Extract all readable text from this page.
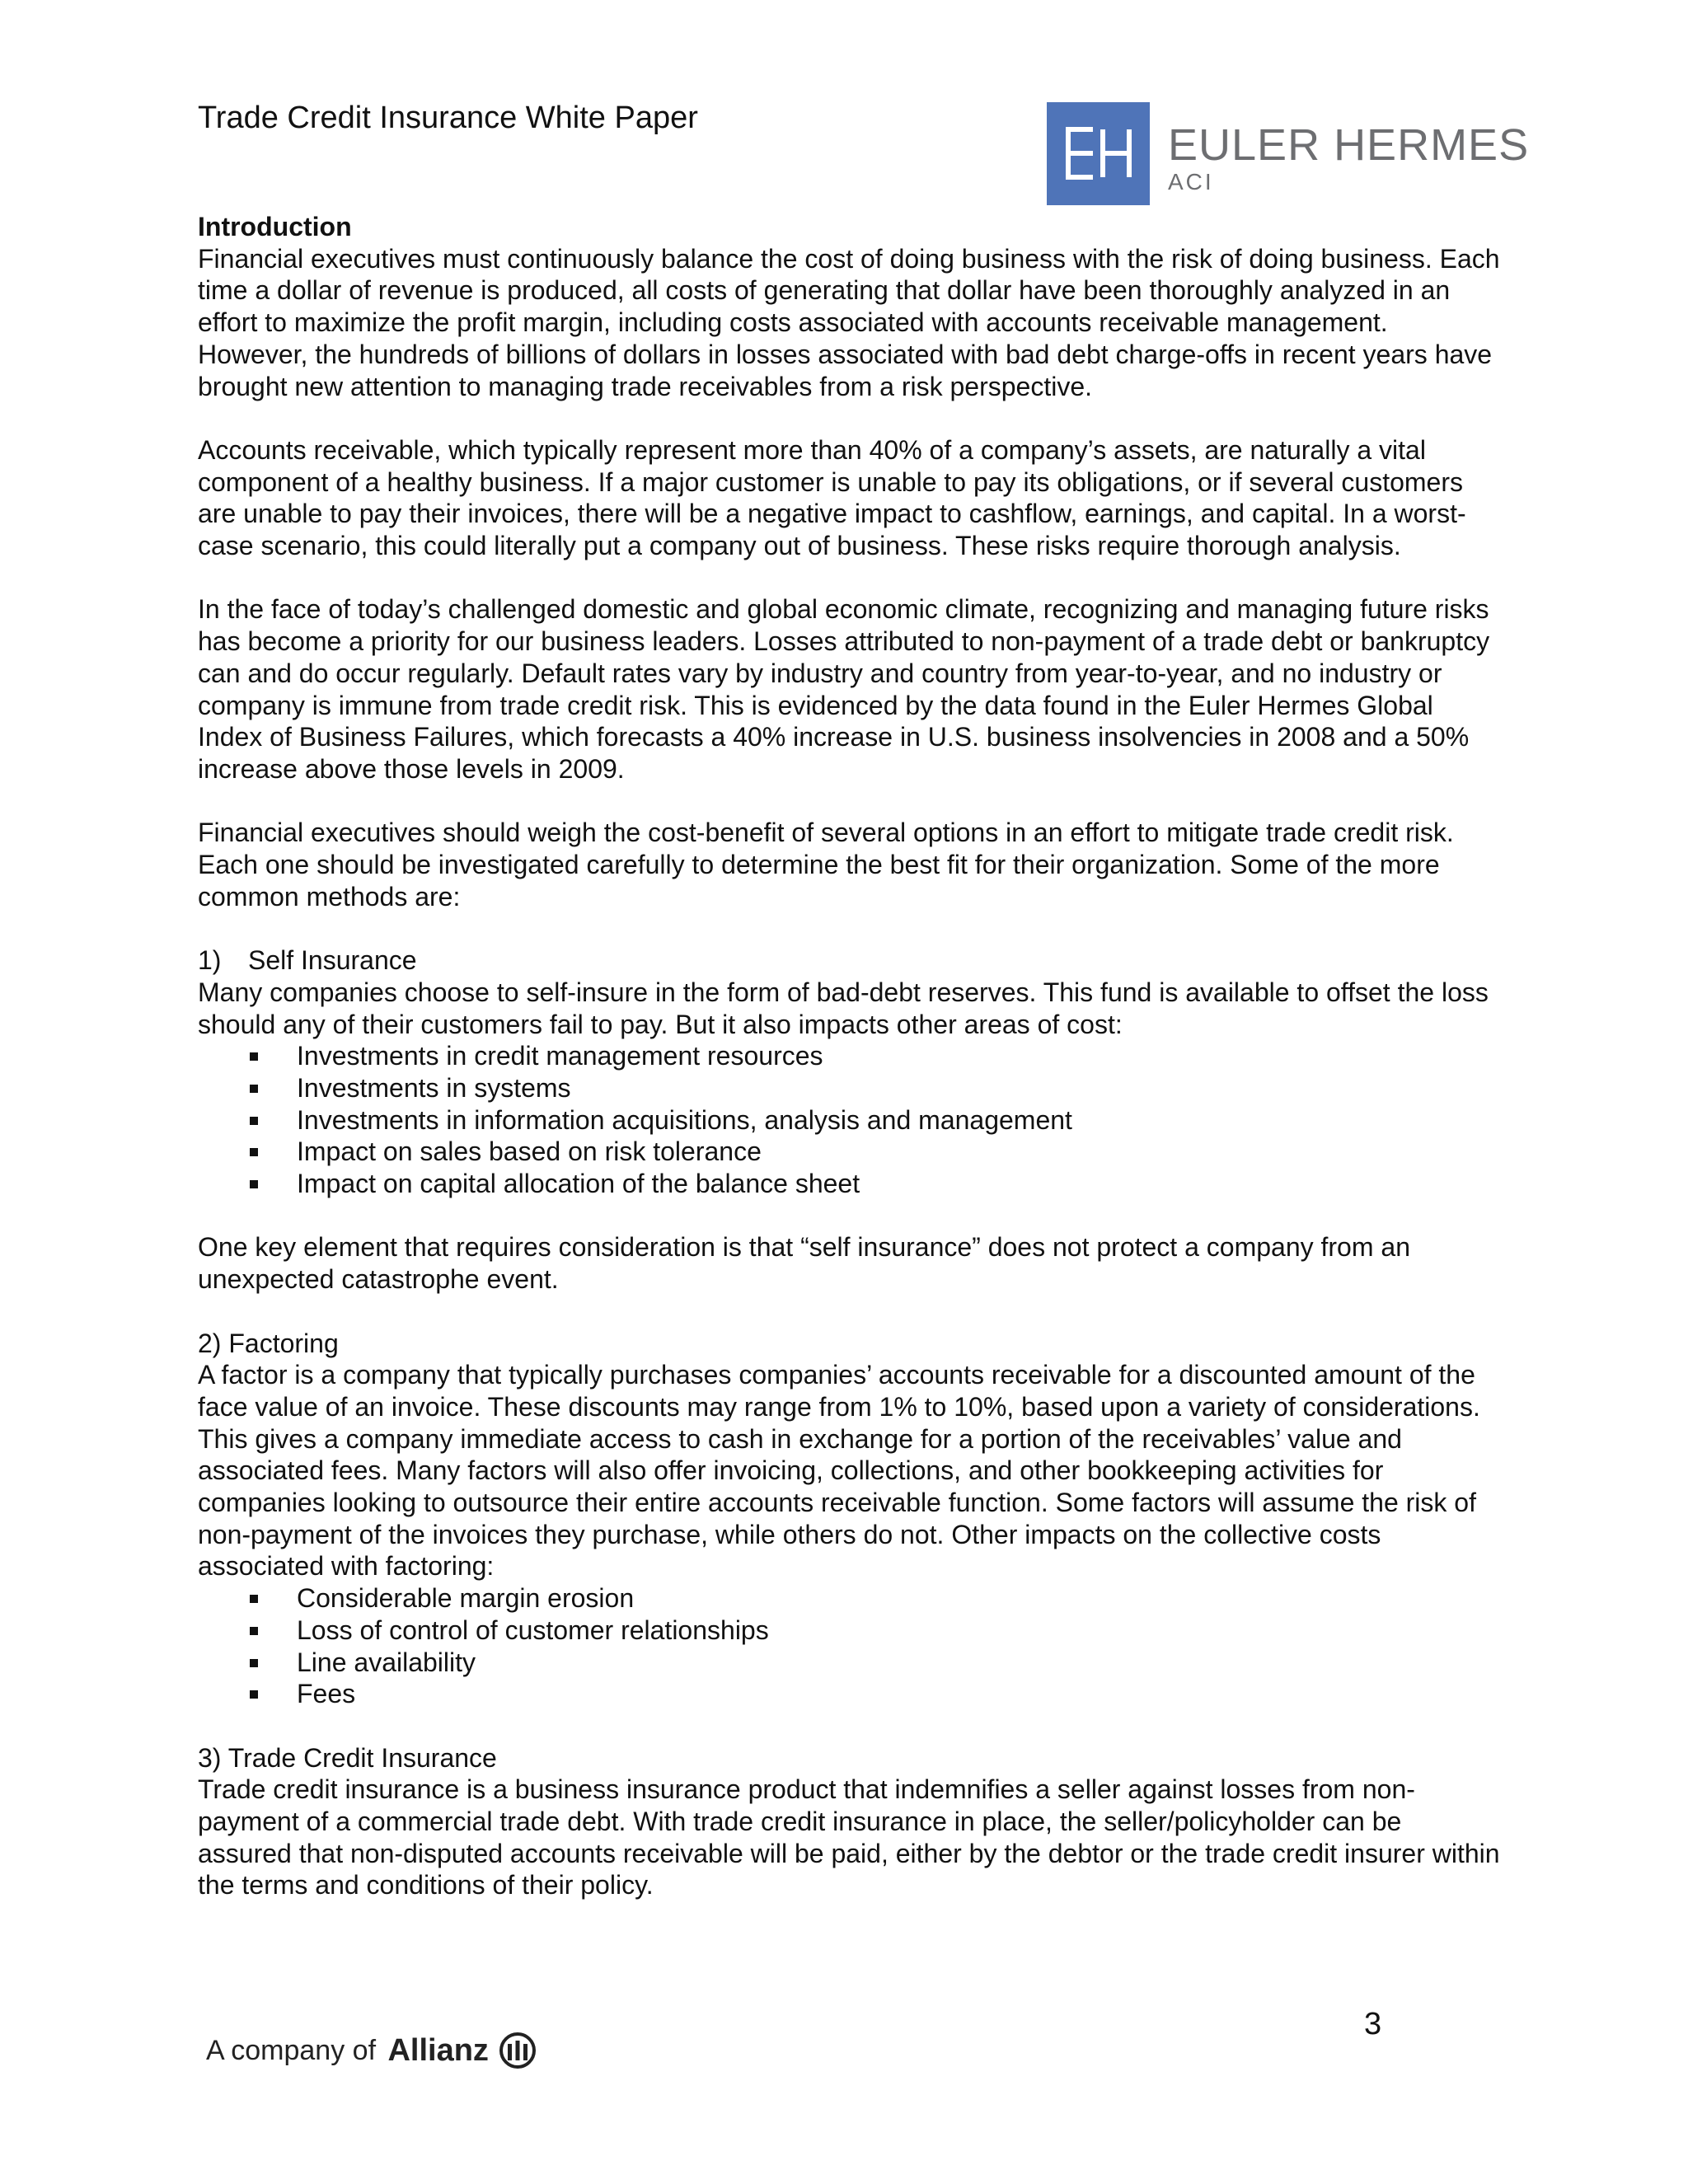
Trade Credit Insurance White Paper
EULER HERMES
ACI
Introduction

Financial executives must continuously balance the cost of doing business with the risk of doing business. Each time a dollar of revenue is produced, all costs of generating that dollar have been thoroughly analyzed in an effort to maximize the profit margin, including costs associated with accounts receivable management. However, the hundreds of billions of dollars in losses associated with bad debt charge-offs in recent years have brought new attention to managing trade receivables from a risk perspective.

Accounts receivable, which typically represent more than 40% of a company’s assets, are naturally a vital component of a healthy business. If a major customer is unable to pay its obligations, or if several customers are unable to pay their invoices, there will be a negative impact to cashflow, earnings, and capital. In a worst-case scenario, this could literally put a company out of business. These risks require thorough analysis.

In the face of today’s challenged domestic and global economic climate, recognizing and managing future risks has become a priority for our business leaders. Losses attributed to non-payment of a trade debt or bankruptcy can and do occur regularly. Default rates vary by industry and country from year-to-year, and no industry or company is immune from trade credit risk. This is evidenced by the data found in the Euler Hermes Global Index of Business Failures, which forecasts a 40% increase in U.S. business insolvencies in 2008 and a 50% increase above those levels in 2009.

Financial executives should weigh the cost-benefit of several options in an effort to mitigate trade credit risk. Each one should be investigated carefully to determine the best fit for their organization. Some of the more common methods are:

1) Self Insurance

Many companies choose to self-insure in the form of bad-debt reserves. This fund is available to offset the loss should any of their customers fail to pay. But it also impacts other areas of cost:

Investments in credit management resources
Investments in systems
Investments in information acquisitions, analysis and management
Impact on sales based on risk tolerance
Impact on capital allocation of the balance sheet

One key element that requires consideration is that “self insurance” does not protect a company from an unexpected catastrophe event.

2) Factoring

A factor is a company that typically purchases companies’ accounts receivable for a discounted amount of the face value of an invoice. These discounts may range from 1% to 10%, based upon a variety of considerations. This gives a company immediate access to cash in exchange for a portion of the receivables’ value and associated fees. Many factors will also offer invoicing, collections, and other bookkeeping activities for companies looking to outsource their entire accounts receivable function. Some factors will assume the risk of non-payment of the invoices they purchase, while others do not. Other impacts on the collective costs associated with factoring:

Considerable margin erosion
Loss of control of customer relationships
Line availability
Fees
3) Trade Credit Insurance

Trade credit insurance is a business insurance product that indemnifies a seller against losses from non-payment of a commercial trade debt. With trade credit insurance in place, the seller/policyholder can be assured that non-disputed accounts receivable will be paid, either by the debtor or the trade credit insurer within the terms and conditions of their policy.

3
A company of Allianz
